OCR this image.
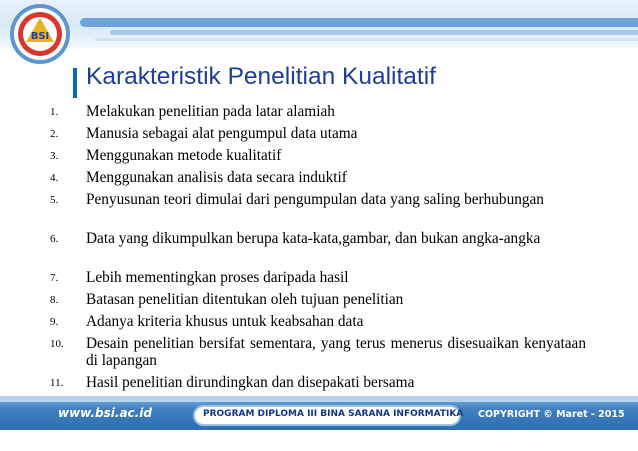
BSI
Karakteristik Penelitian Kualitatif
1. Melakukan penelitian pada latar alamiah
2. Manusia sebagai alat pengumpul data utama
3. Menggunakan metode kualitatif
4. Menggunakan analisis data secara induktif
5. Penyusunan teori dimulai dari pengumpulan data yang saling berhubungan
6. Data yang dikumpulkan berupa kata-kata,gambar, dan bukan angka-angka
7. Lebih mementingkan proses daripada hasil
8. Batasan penelitian ditentukan oleh tujuan penelitian
9. Adanya kriteria khusus untuk keabsahan data
10. Desain penelitian bersifat sementara, yang terus menerus disesuaikan kenyataan di lapangan
11. Hasil penelitian dirundingkan dan disepakati bersama
www.bsi.ac.id	PROGRAM DIPLOMA III BINA SARANA INFORMATIKA COPYRIGHT © Maret - 2015
